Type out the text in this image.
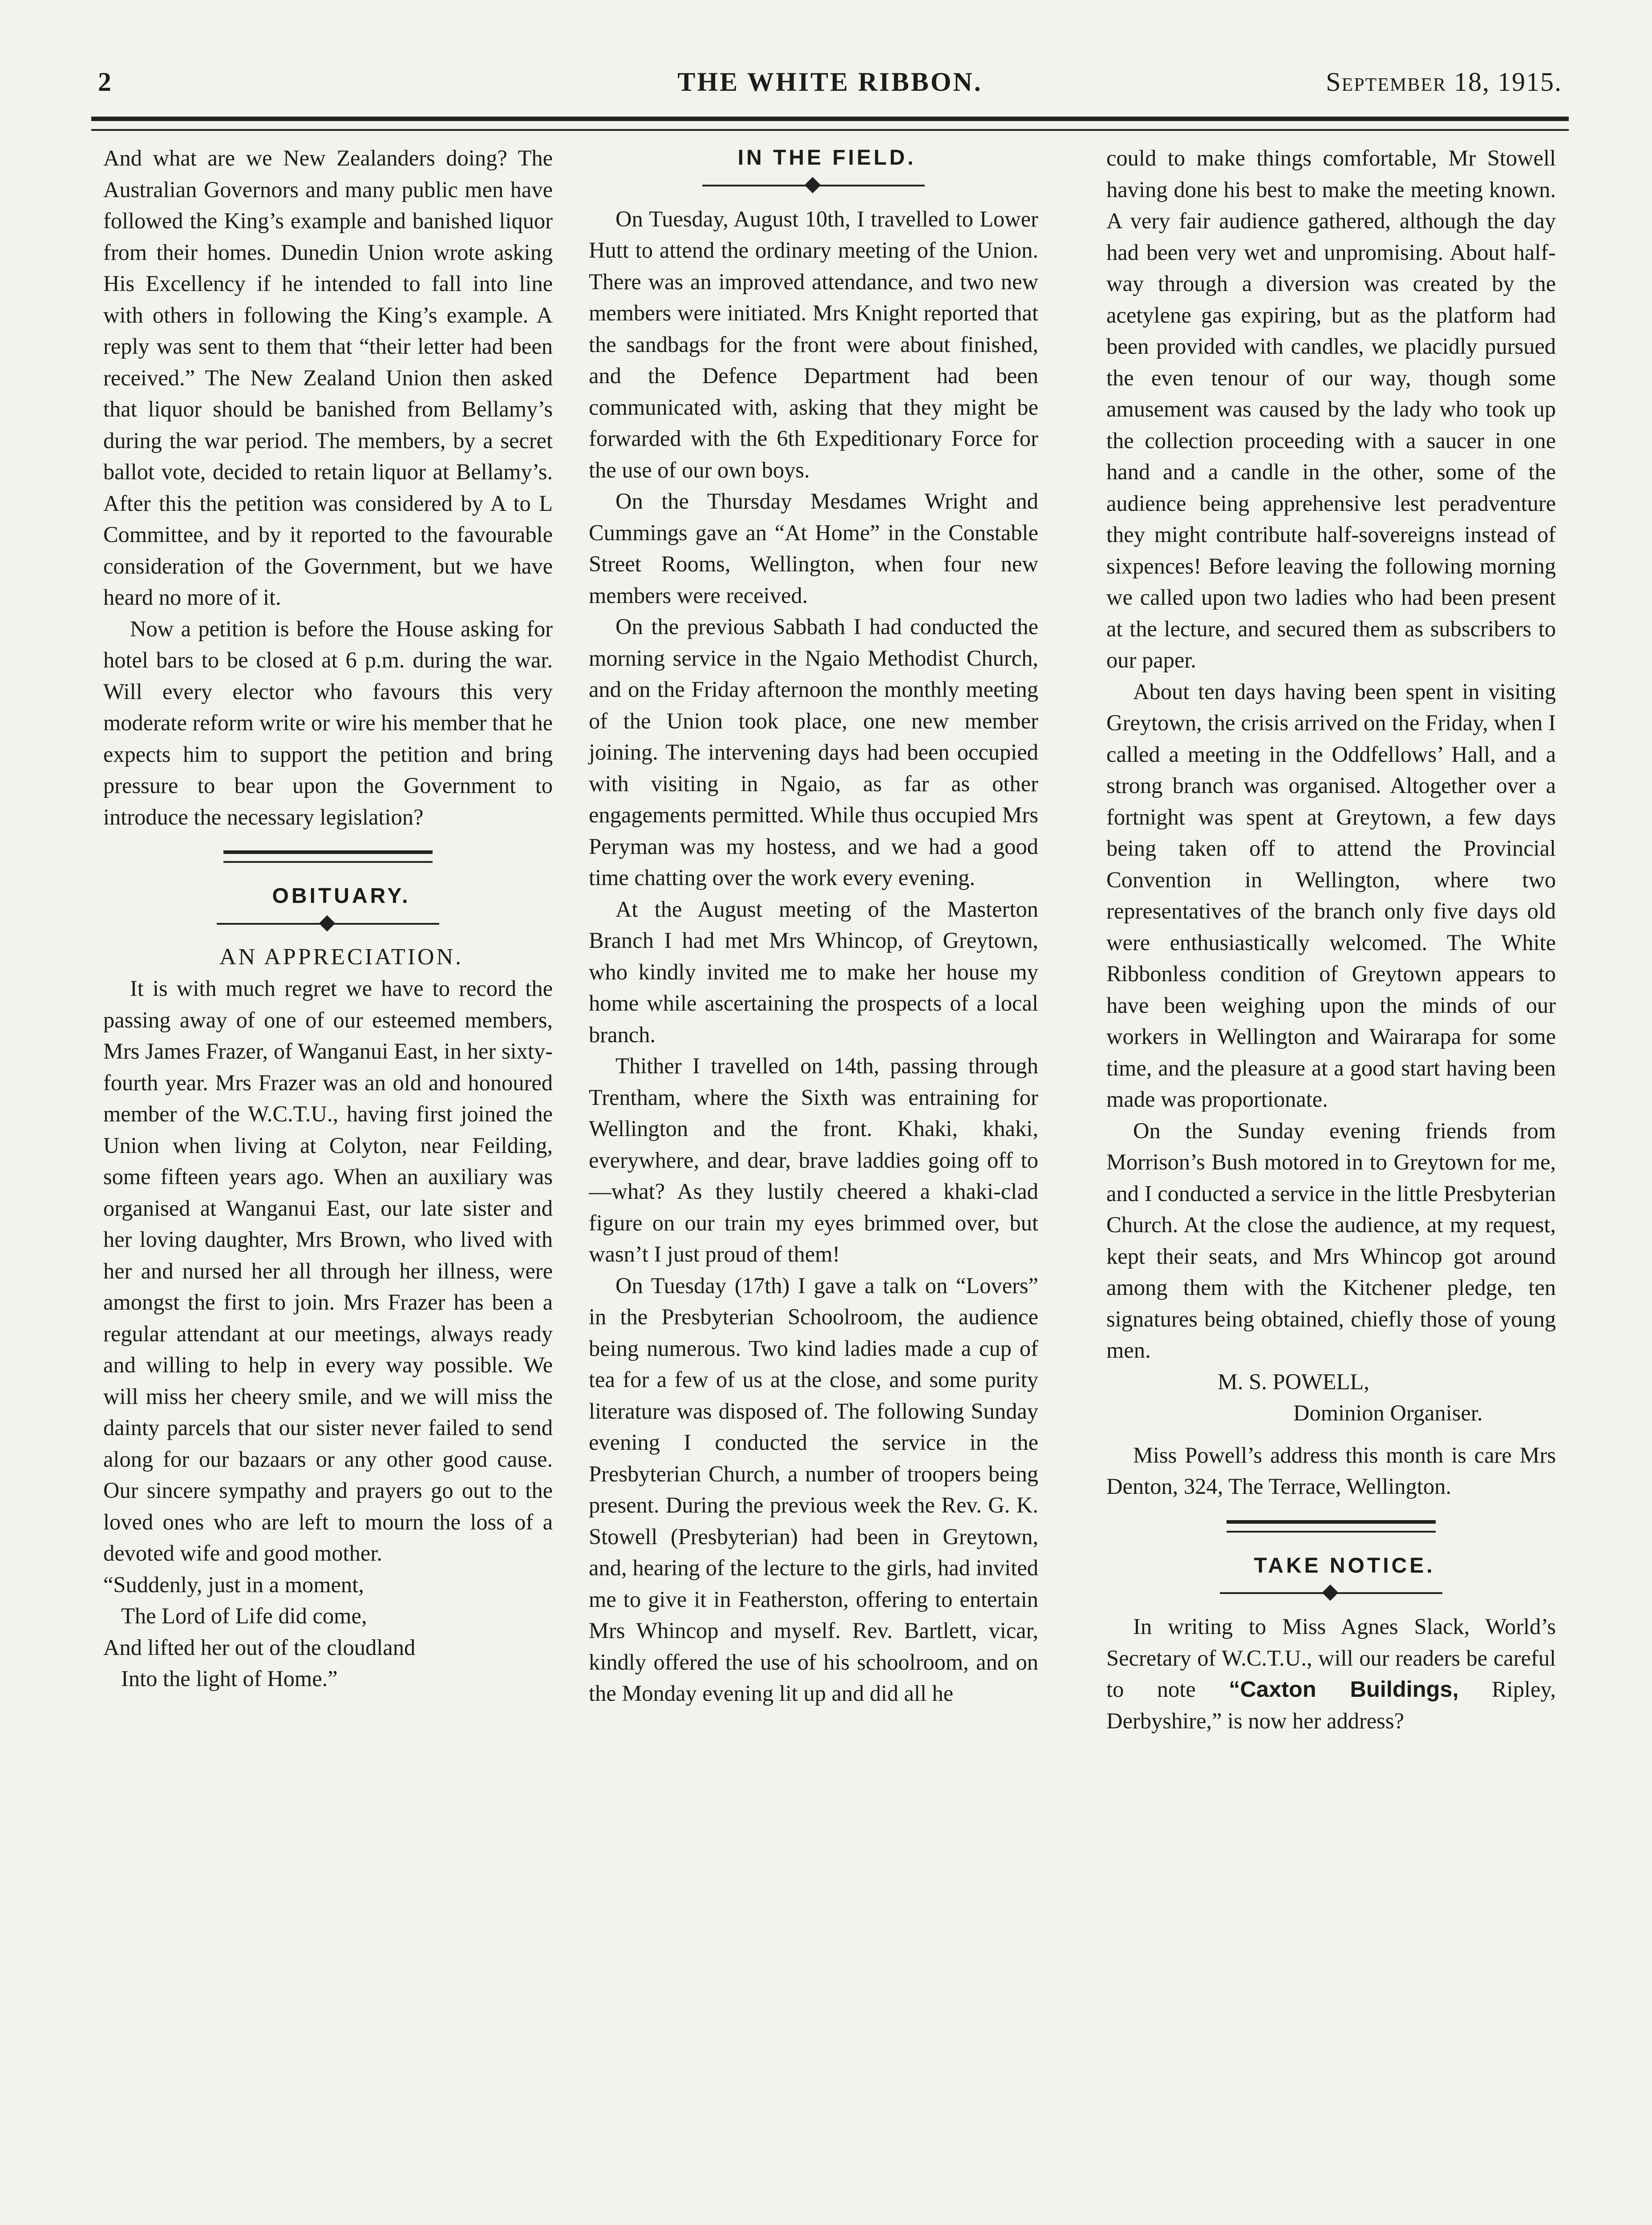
2	THE WHITE RIBBON.	September 18, 1915.

And what are we New Zealanders doing? The Australian Governors and many public men have followed the King’s example and banished liquor from their homes. Dunedin Union wrote asking His Excellency if he intended to fall into line with others in following the King’s example. A reply was sent to them that “their letter had been received.” The New Zealand Union then asked that liquor should be banished from Bellamy’s during the war period. The members, by a secret ballot vote, decided to retain liquor at Bellamy’s. After this the petition was considered by A to L Committee, and by it reported to the favourable consideration of the Government, but we have heard no more of it.

Now a petition is before the House asking for hotel bars to be closed at 6 p.m. during the war. Will every elector who favours this very moderate reform write or wire his member that he expects him to support the petition and bring pressure to bear upon the Government to introduce the necessary legislation?

OBITUARY.

AN APPRECIATION.

It is with much regret we have to record the passing away of one of our esteemed members, Mrs James Frazer, of Wanganui East, in her sixty-fourth year. Mrs Frazer was an old and honoured member of the W.C.T.U., having first joined the Union when living at Colyton, near Feilding, some fifteen years ago. When an auxiliary was organised at Wanganui East, our late sister and her loving daughter, Mrs Brown, who lived with her and nursed her all through her illness, were amongst the first to join. Mrs Frazer has been a regular attendant at our meetings, always ready and willing to help in every way possible. We will miss her cheery smile, and we will miss the dainty parcels that our sister never failed to send along for our bazaars or any other good cause. Our sincere sympathy and prayers go out to the loved ones who are left to mourn the loss of a devoted wife and good mother.

“Suddenly, just in a moment,

The Lord of Life did come,

And lifted her out of the cloudland

Into the light of Home.”

IN THE FIELD.

On Tuesday, August 10th, I travelled to Lower Hutt to attend the ordinary meeting of the Union. There was an improved attendance, and two new members were initiated. Mrs Knight reported that the sandbags for the front were about finished, and the Defence Department had been communicated with, asking that they might be forwarded with the 6th Expeditionary Force for the use of our own boys.

On the Thursday Mesdames Wright and Cummings gave an “At Home” in the Constable Street Rooms, Wellington, when four new members were received.

On the previous Sabbath I had conducted the morning service in the Ngaio Methodist Church, and on the Friday afternoon the monthly meeting of the Union took place, one new member joining. The intervening days had been occupied with visiting in Ngaio, as far as other engagements permitted. While thus occupied Mrs Peryman was my hostess, and we had a good time chatting over the work every evening.

At the August meeting of the Masterton Branch I had met Mrs Whincop, of Greytown, who kindly invited me to make her house my home while ascertaining the prospects of a local branch.

Thither I travelled on 14th, passing through Trentham, where the Sixth was entraining for Wellington and the front. Khaki, khaki, everywhere, and dear, brave laddies going off to—what? As they lustily cheered a khaki-clad figure on our train my eyes brimmed over, but wasn’t I just proud of them!

On Tuesday (17th) I gave a talk on “Lovers” in the Presbyterian Schoolroom, the audience being numerous. Two kind ladies made a cup of tea for a few of us at the close, and some purity literature was disposed of. The following Sunday evening I conducted the service in the Presbyterian Church, a number of troopers being present. During the previous week the Rev. G. K. Stowell (Presbyterian) had been in Greytown, and, hearing of the lecture to the girls, had invited me to give it in Featherston, offering to entertain Mrs Whincop and myself. Rev. Bartlett, vicar, kindly offered the use of his schoolroom, and on the Monday evening lit up and did all he

could to make things comfortable, Mr Stowell having done his best to make the meeting known. A very fair audience gathered, although the day had been very wet and unpromising. About half-way through a diversion was created by the acetylene gas expiring, but as the platform had been provided with candles, we placidly pursued the even tenour of our way, though some amusement was caused by the lady who took up the collection proceeding with a saucer in one hand and a candle in the other, some of the audience being apprehensive lest peradventure they might contribute half-sovereigns instead of sixpences! Before leaving the following morning we called upon two ladies who had been present at the lecture, and secured them as subscribers to our paper.

About ten days having been spent in visiting Greytown, the crisis arrived on the Friday, when I called a meeting in the Oddfellows’ Hall, and a strong branch was organised. Altogether over a fortnight was spent at Greytown, a few days being taken off to attend the Provincial Convention in Wellington, where two representatives of the branch only five days old were enthusiastically welcomed. The White Ribbonless condition of Greytown appears to have been weighing upon the minds of our workers in Wellington and Wairarapa for some time, and the pleasure at a good start having been made was proportionate.

On the Sunday evening friends from Morrison’s Bush motored in to Greytown for me, and I conducted a service in the little Presbyterian Church. At the close the audience, at my request, kept their seats, and Mrs Whincop got around among them with the Kitchener pledge, ten signatures being obtained, chiefly those of young men.

M. S. POWELL,

Dominion Organiser.

Miss Powell’s address this month is care Mrs Denton, 324, The Terrace, Wellington.

TAKE NOTICE.

In writing to Miss Agnes Slack, World’s Secretary of W.C.T.U., will our readers be careful to note “Caxton Buildings, Ripley, Derbyshire,” is now her address?
